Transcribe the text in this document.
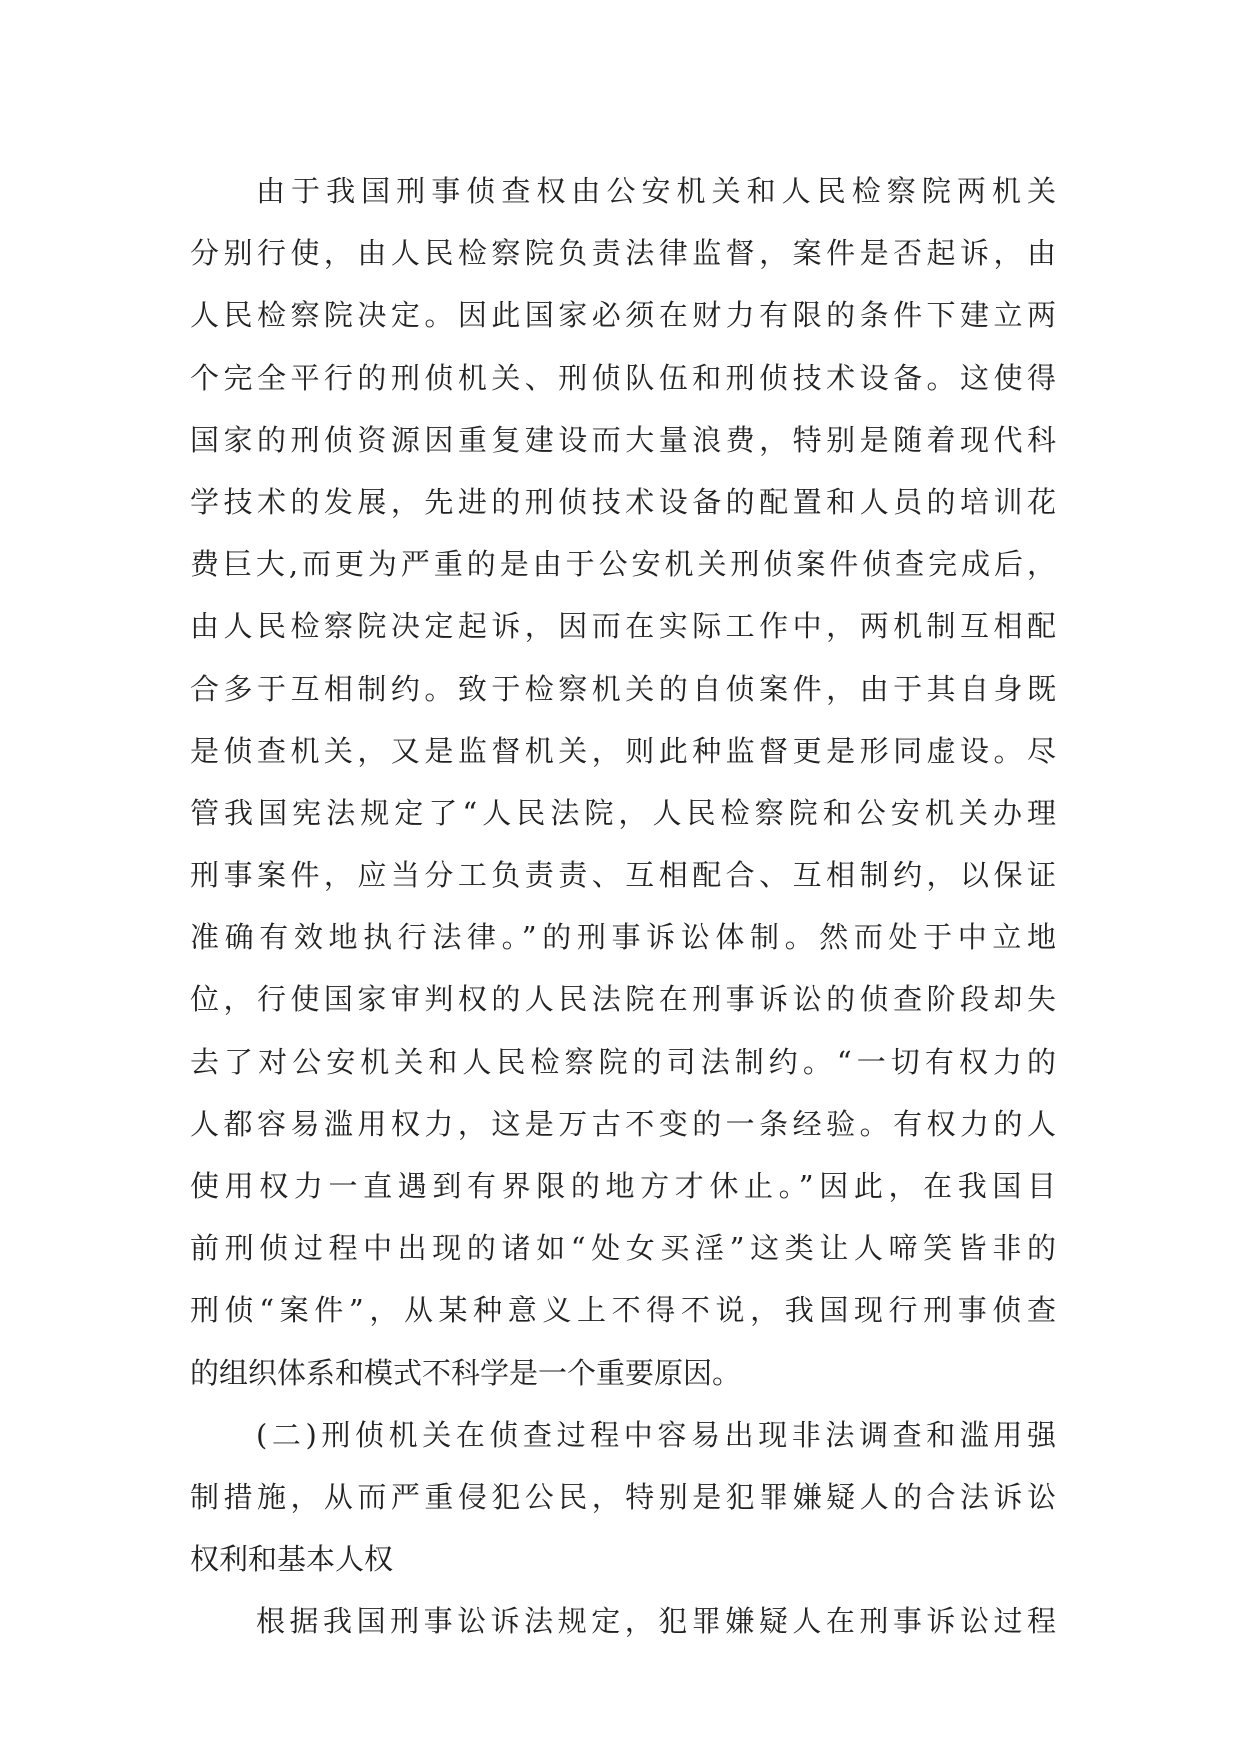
由于我国刑事侦查权由公安机关和人民检察院两机关
分别行使，由人民检察院负责法律监督，案件是否起诉，由
人民检察院决定。因此国家必须在财力有限的条件下建立两
个完全平行的刑侦机关、刑侦队伍和刑侦技术设备。这使得
国家的刑侦资源因重复建设而大量浪费，特别是随着现代科
学技术的发展，先进的刑侦技术设备的配置和人员的培训花
费巨大,而更为严重的是由于公安机关刑侦案件侦查完成后，
由人民检察院决定起诉，因而在实际工作中，两机制互相配
合多于互相制约。致于检察机关的自侦案件，由于其自身既
是侦查机关，又是监督机关，则此种监督更是形同虚设。尽
管我国宪法规定了“人民法院，人民检察院和公安机关办理
刑事案件，应当分工负责责、互相配合、互相制约，以保证
准确有效地执行法律。”的刑事诉讼体制。然而处于中立地
位，行使国家审判权的人民法院在刑事诉讼的侦查阶段却失
去了对公安机关和人民检察院的司法制约。“一切有权力的
人都容易滥用权力，这是万古不变的一条经验。有权力的人
使用权力一直遇到有界限的地方才休止。”因此，在我国目
前刑侦过程中出现的诸如“处女买淫”这类让人啼笑皆非的
刑侦“案件”，从某种意义上不得不说，我国现行刑事侦查
的组织体系和模式不科学是一个重要原因。
(二)刑侦机关在侦查过程中容易出现非法调查和滥用强
制措施，从而严重侵犯公民，特别是犯罪嫌疑人的合法诉讼
权利和基本人权
根据我国刑事讼诉法规定，犯罪嫌疑人在刑事诉讼过程
